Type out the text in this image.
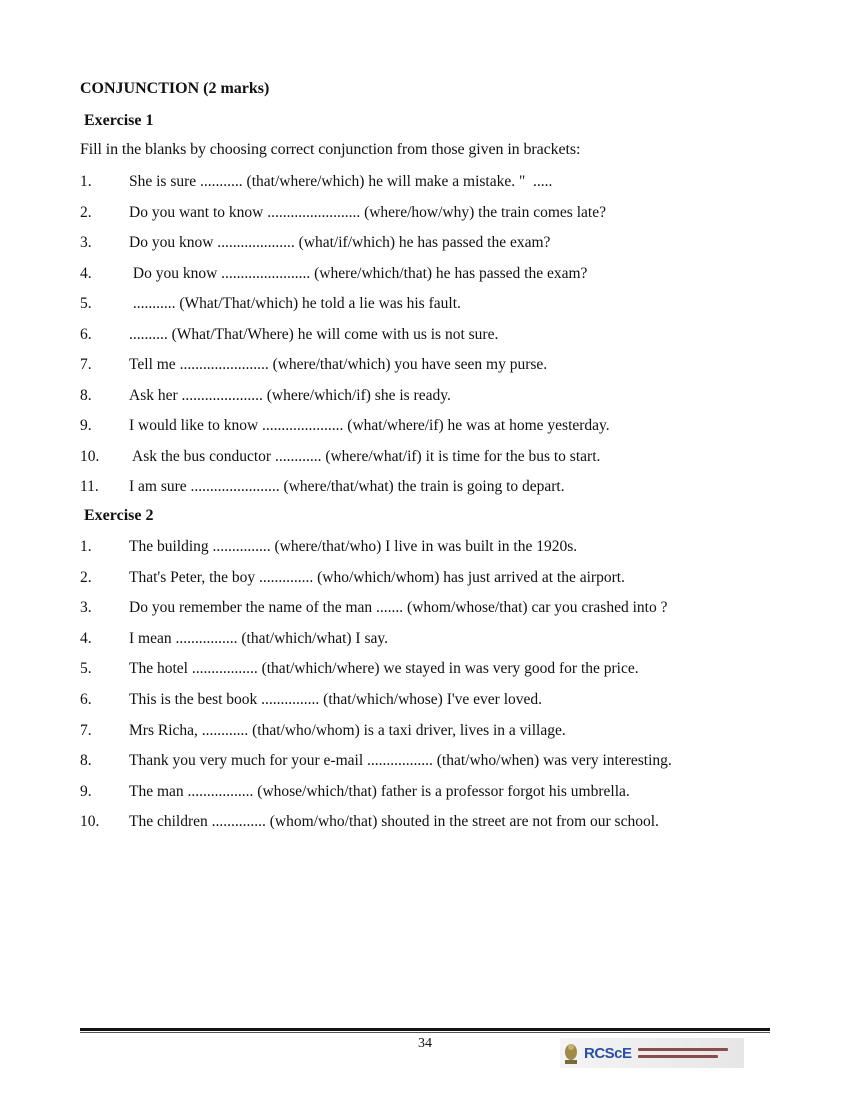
CONJUNCTION (2 marks)
Exercise 1

Fill in the blanks by choosing correct conjunction from those given in brackets:

1. She is sure ........... (that/where/which) he will make a mistake. "  .....
2. Do you want to know ........................ (where/how/why) the train comes late?
3. Do you know .................... (what/if/which) he has passed the exam?
4. Do you know ....................... (where/which/that) he has passed the exam?
5. ........... (What/That/which) he told a lie was his fault.
6. .......... (What/That/Where) he will come with us is not sure.
7. Tell me ....................... (where/that/which) you have seen my purse.
8. Ask her ..................... (where/which/if) she is ready.
9. I would like to know ..................... (what/where/if) he was at home yesterday.
10. Ask the bus conductor ............ (where/what/if) it is time for the bus to start.
11. I am sure ....................... (where/that/what) the train is going to depart.
Exercise 2
1. The building ............... (where/that/who) I live in was built in the 1920s.
2. That's Peter, the boy .............. (who/which/whom) has just arrived at the airport.
3. Do you remember the name of the man ....... (whom/whose/that) car you crashed into ?
4. I mean ................ (that/which/what) I say.
5. The hotel ................. (that/which/where) we stayed in was very good for the price.
6. This is the best book ............... (that/which/whose) I've ever loved.
7. Mrs Richa, ............ (that/who/whom) is a taxi driver, lives in a village.
8. Thank you very much for your e-mail ................. (that/who/when) was very interesting.
9. The man ................. (whose/which/that) father is a professor forgot his umbrella.
10. The children .............. (whom/who/that) shouted in the street are not from our school.
34
RCScE
